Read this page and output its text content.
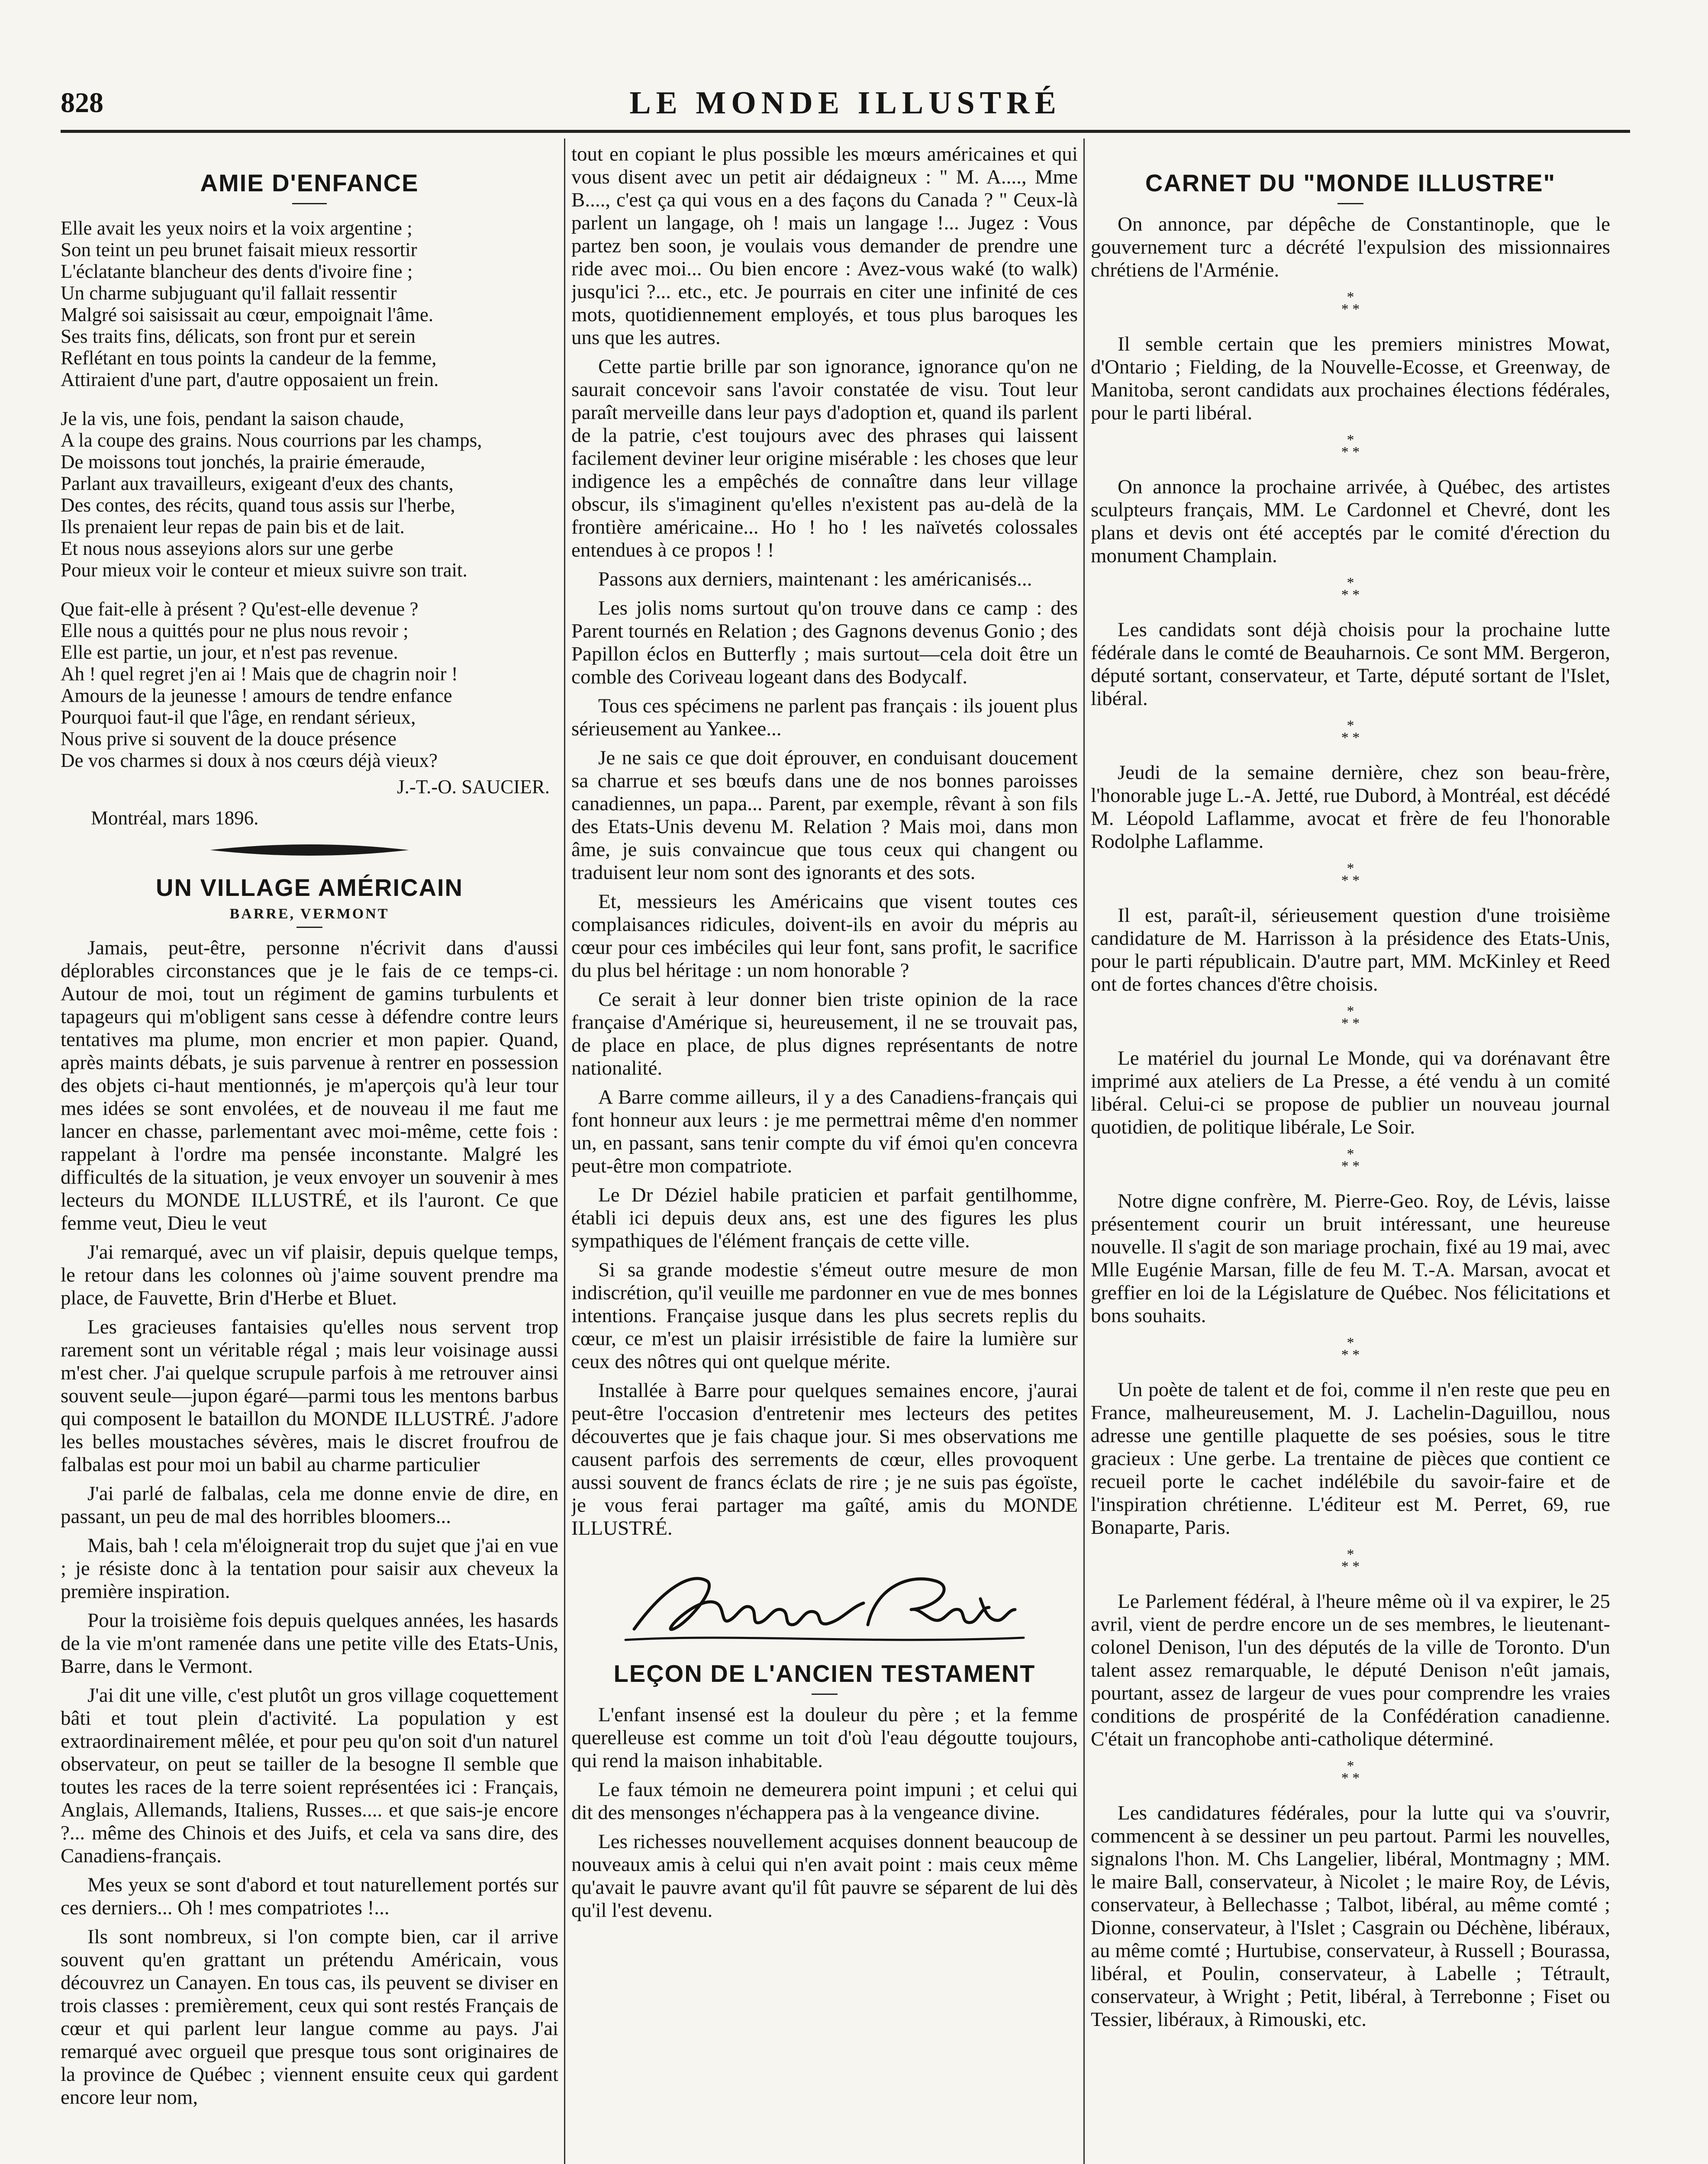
828	LE MONDE ILLUSTRÉ
AMIE D'ENFANCE
Elle avait les yeux noirs et la voix argentine ;
Son teint un peu brunet faisait mieux ressortir
L'éclatante blancheur des dents d'ivoire fine ;
Un charme subjuguant qu'il fallait ressentir
Malgré soi saisissait au cœur, empoignait l'âme.
Ses traits fins, délicats, son front pur et serein
Reflétant en tous points la candeur de la femme,
Attiraient d'une part, d'autre opposaient un frein.
Je la vis, une fois, pendant la saison chaude,
A la coupe des grains. Nous courrions par les champs,
De moissons tout jonchés, la prairie émeraude,
Parlant aux travailleurs, exigeant d'eux des chants,
Des contes, des récits, quand tous assis sur l'herbe,
Ils prenaient leur repas de pain bis et de lait.
Et nous nous asseyions alors sur une gerbe
Pour mieux voir le conteur et mieux suivre son trait.
Que fait-elle à présent ? Qu'est-elle devenue ?
Elle nous a quittés pour ne plus nous revoir ;
Elle est partie, un jour, et n'est pas revenue.
Ah ! quel regret j'en ai ! Mais que de chagrin noir !
Amours de la jeunesse ! amours de tendre enfance
Pourquoi faut-il que l'âge, en rendant sérieux,
Nous prive si souvent de la douce présence
De vos charmes si doux à nos cœurs déjà vieux?
J.-T.-O. SAUCIER.
Montréal, mars 1896.
UN VILLAGE AMÉRICAIN
BARRE, VERMONT

Jamais, peut-être, personne n'écrivit dans d'aussi déplorables circonstances que je le fais de ce temps-ci. Autour de moi, tout un régiment de gamins turbulents et tapageurs qui m'obligent sans cesse à défendre contre leurs tentatives ma plume, mon encrier et mon papier. Quand, après maints débats, je suis parvenue à rentrer en possession des objets ci-haut mentionnés, je m'aperçois qu'à leur tour mes idées se sont envolées, et de nouveau il me faut me lancer en chasse, parlementant avec moi-même, cette fois : rappelant à l'ordre ma pensée inconstante. Malgré les difficultés de la situation, je veux envoyer un souvenir à mes lecteurs du MONDE ILLUSTRÉ, et ils l'auront. Ce que femme veut, Dieu le veut

J'ai remarqué, avec un vif plaisir, depuis quelque temps, le retour dans les colonnes où j'aime souvent prendre ma place, de Fauvette, Brin d'Herbe et Bluet.

Les gracieuses fantaisies qu'elles nous servent trop rarement sont un véritable régal ; mais leur voisinage aussi m'est cher. J'ai quelque scrupule parfois à me retrouver ainsi souvent seule—jupon égaré—parmi tous les mentons barbus qui composent le bataillon du MONDE ILLUSTRÉ. J'adore les belles moustaches sévères, mais le discret froufrou de falbalas est pour moi un babil au charme particulier

J'ai parlé de falbalas, cela me donne envie de dire, en passant, un peu de mal des horribles bloomers...

Mais, bah ! cela m'éloignerait trop du sujet que j'ai en vue ; je résiste donc à la tentation pour saisir aux cheveux la première inspiration.

Pour la troisième fois depuis quelques années, les hasards de la vie m'ont ramenée dans une petite ville des Etats-Unis, Barre, dans le Vermont.

J'ai dit une ville, c'est plutôt un gros village coquettement bâti et tout plein d'activité. La population y est extraordinairement mêlée, et pour peu qu'on soit d'un naturel observateur, on peut se tailler de la besogne Il semble que toutes les races de la terre soient représentées ici : Français, Anglais, Allemands, Italiens, Russes.... et que sais-je encore ?... même des Chinois et des Juifs, et cela va sans dire, des Canadiens-français.

Mes yeux se sont d'abord et tout naturellement portés sur ces derniers... Oh ! mes compatriotes !...

Ils sont nombreux, si l'on compte bien, car il arrive souvent qu'en grattant un prétendu Américain, vous découvrez un Canayen. En tous cas, ils peuvent se diviser en trois classes : premièrement, ceux qui sont restés Français de cœur et qui parlent leur langue comme au pays. J'ai remarqué avec orgueil que presque tous sont originaires de la province de Québec ; viennent ensuite ceux qui gardent encore leur nom,

tout en copiant le plus possible les mœurs américaines et qui vous disent avec un petit air dédaigneux : " M. A...., Mme B...., c'est ça qui vous en a des façons du Canada ? " Ceux-là parlent un langage, oh ! mais un langage !... Jugez : Vous partez ben soon, je voulais vous demander de prendre une ride avec moi... Ou bien encore : Avez-vous waké (to walk) jusqu'ici ?... etc., etc. Je pourrais en citer une infinité de ces mots, quotidiennement employés, et tous plus baroques les uns que les autres.

Cette partie brille par son ignorance, ignorance qu'on ne saurait concevoir sans l'avoir constatée de visu. Tout leur paraît merveille dans leur pays d'adoption et, quand ils parlent de la patrie, c'est toujours avec des phrases qui laissent facilement deviner leur origine misérable : les choses que leur indigence les a empêchés de connaître dans leur village obscur, ils s'imaginent qu'elles n'existent pas au-delà de la frontière américaine... Ho ! ho ! les naïvetés colossales entendues à ce propos ! !

Passons aux derniers, maintenant : les américanisés...

Les jolis noms surtout qu'on trouve dans ce camp : des Parent tournés en Relation ; des Gagnons devenus Gonio ; des Papillon éclos en Butterfly ; mais surtout—cela doit être un comble des Coriveau logeant dans des Bodycalf.

Tous ces spécimens ne parlent pas français : ils jouent plus sérieusement au Yankee...

Je ne sais ce que doit éprouver, en conduisant doucement sa charrue et ses bœufs dans une de nos bonnes paroisses canadiennes, un papa... Parent, par exemple, rêvant à son fils des Etats-Unis devenu M. Relation ? Mais moi, dans mon âme, je suis convaincue que tous ceux qui changent ou traduisent leur nom sont des ignorants et des sots.

Et, messieurs les Américains que visent toutes ces complaisances ridicules, doivent-ils en avoir du mépris au cœur pour ces imbéciles qui leur font, sans profit, le sacrifice du plus bel héritage : un nom honorable ?

Ce serait à leur donner bien triste opinion de la race française d'Amérique si, heureusement, il ne se trouvait pas, de place en place, de plus dignes représentants de notre nationalité.

A Barre comme ailleurs, il y a des Canadiens-français qui font honneur aux leurs : je me permettrai même d'en nommer un, en passant, sans tenir compte du vif émoi qu'en concevra peut-être mon compatriote.

Le Dr Déziel habile praticien et parfait gentilhomme, établi ici depuis deux ans, est une des figures les plus sympathiques de l'élément français de cette ville.

Si sa grande modestie s'émeut outre mesure de mon indiscrétion, qu'il veuille me pardonner en vue de mes bonnes intentions. Française jusque dans les plus secrets replis du cœur, ce m'est un plaisir irrésistible de faire la lumière sur ceux des nôtres qui ont quelque mérite.

Installée à Barre pour quelques semaines encore, j'aurai peut-être l'occasion d'entretenir mes lecteurs des petites découvertes que je fais chaque jour. Si mes observations me causent parfois des serrements de cœur, elles provoquent aussi souvent de francs éclats de rire ; je ne suis pas égoïste, je vous ferai partager ma gaîté, amis du MONDE ILLUSTRÉ.

LEÇON DE L'ANCIEN TESTAMENT

L'enfant insensé est la douleur du père ; et la femme querelleuse est comme un toit d'où l'eau dégoutte toujours, qui rend la maison inhabitable.

Le faux témoin ne demeurera point impuni ; et celui qui dit des mensonges n'échappera pas à la vengeance divine.

Les richesses nouvellement acquises donnent beaucoup de nouveaux amis à celui qui n'en avait point : mais ceux même qu'avait le pauvre avant qu'il fût pauvre se séparent de lui dès qu'il l'est devenu.

CARNET DU "MONDE ILLUSTRE"

On annonce, par dépêche de Constantinople, que le gouvernement turc a décrété l'expulsion des missionnaires chrétiens de l'Arménie.

*
* *

Il semble certain que les premiers ministres Mowat, d'Ontario ; Fielding, de la Nouvelle-Ecosse, et Greenway, de Manitoba, seront candidats aux prochaines élections fédérales, pour le parti libéral.

*
* *

On annonce la prochaine arrivée, à Québec, des artistes sculpteurs français, MM. Le Cardonnel et Chevré, dont les plans et devis ont été acceptés par le comité d'érection du monument Champlain.

*
* *

Les candidats sont déjà choisis pour la prochaine lutte fédérale dans le comté de Beauharnois. Ce sont MM. Bergeron, député sortant, conservateur, et Tarte, député sortant de l'Islet, libéral.

*
* *

Jeudi de la semaine dernière, chez son beau-frère, l'honorable juge L.-A. Jetté, rue Dubord, à Montréal, est décédé M. Léopold Laflamme, avocat et frère de feu l'honorable Rodolphe Laflamme.

*
* *

Il est, paraît-il, sérieusement question d'une troisième candidature de M. Harrisson à la présidence des Etats-Unis, pour le parti républicain. D'autre part, MM. McKinley et Reed ont de fortes chances d'être choisis.

*
* *

Le matériel du journal Le Monde, qui va dorénavant être imprimé aux ateliers de La Presse, a été vendu à un comité libéral. Celui-ci se propose de publier un nouveau journal quotidien, de politique libérale, Le Soir.

*
* *

Notre digne confrère, M. Pierre-Geo. Roy, de Lévis, laisse présentement courir un bruit intéressant, une heureuse nouvelle. Il s'agit de son mariage prochain, fixé au 19 mai, avec Mlle Eugénie Marsan, fille de feu M. T.-A. Marsan, avocat et greffier en loi de la Législature de Québec. Nos félicitations et bons souhaits.

*
* *

Un poète de talent et de foi, comme il n'en reste que peu en France, malheureusement, M. J. Lachelin-Daguillou, nous adresse une gentille plaquette de ses poésies, sous le titre gracieux : Une gerbe. La trentaine de pièces que contient ce recueil porte le cachet indélébile du savoir-faire et de l'inspiration chrétienne. L'éditeur est M. Perret, 69, rue Bonaparte, Paris.

*
* *

Le Parlement fédéral, à l'heure même où il va expirer, le 25 avril, vient de perdre encore un de ses membres, le lieutenant-colonel Denison, l'un des députés de la ville de Toronto. D'un talent assez remarquable, le député Denison n'eût jamais, pourtant, assez de largeur de vues pour comprendre les vraies conditions de prospérité de la Confédération canadienne. C'était un francophobe anti-catholique déterminé.

*
* *

Les candidatures fédérales, pour la lutte qui va s'ouvrir, commencent à se dessiner un peu partout. Parmi les nouvelles, signalons l'hon. M. Chs Langelier, libéral, Montmagny ; MM. le maire Ball, conservateur, à Nicolet ; le maire Roy, de Lévis, conservateur, à Bellechasse ; Talbot, libéral, au même comté ; Dionne, conservateur, à l'Islet ; Casgrain ou Déchène, libéraux, au même comté ; Hurtubise, conservateur, à Russell ; Bourassa, libéral, et Poulin, conservateur, à Labelle ; Tétrault, conservateur, à Wright ; Petit, libéral, à Terrebonne ; Fiset ou Tessier, libéraux, à Rimouski, etc.
